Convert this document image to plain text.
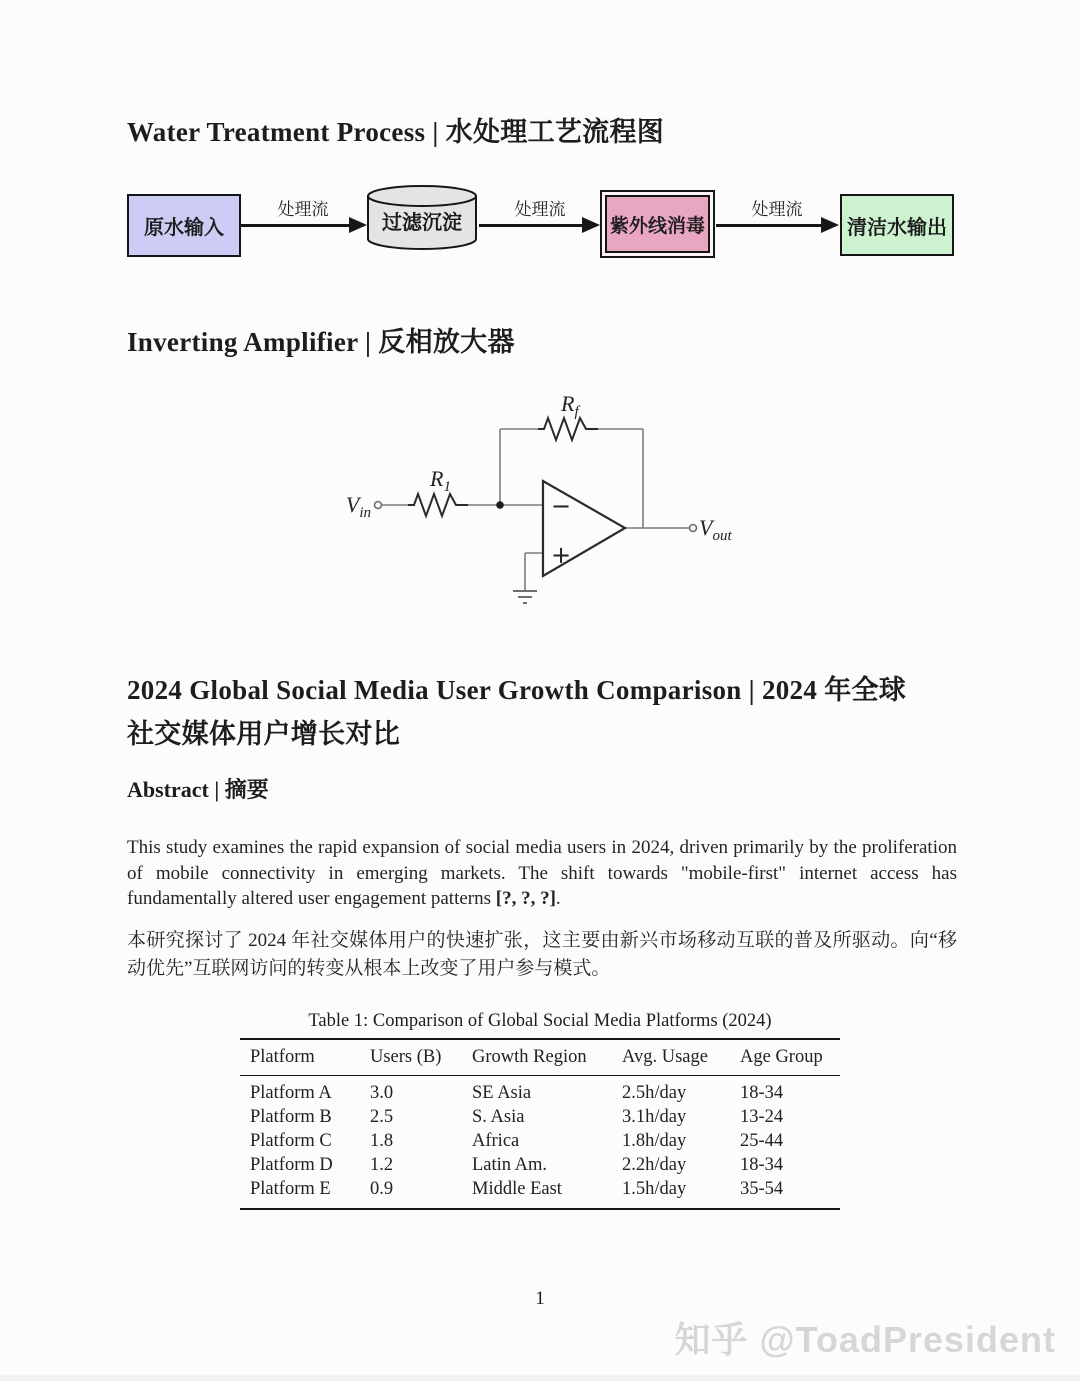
Water Treatment Process | 水处理工艺流程图
原水输入
处理流
过滤沉淀
处理流
紫外线消毒
处理流
清洁水输出
Inverting Amplifier | 反相放大器
$V_{in}$
$V_{out}$
$R_1$
$R_f$
−
+
2024 Global Social Media User Growth Comparison | 2024 年全球
社交媒体用户增长对比
Abstract | 摘要

This study examines the rapid expansion of social media users in 2024, driven primarily by the proliferation of mobile connectivity in emerging markets. The shift towards "mobile-first" internet access has fundamentally altered user engagement patterns [?, ?, ?].

本研究探讨了 2024 年社交媒体用户的快速扩张，这主要由新兴市场移动互联的普及所驱动。向“移动优先”互联网访问的转变从根本上改变了用户参与模式。

Table 1: Comparison of Global Social Media Platforms (2024)
Platform	Users (B)	Growth Region	Avg. Usage	Age Group
Platform A	3.0	SE Asia	2.5h/day	18-34
Platform B	2.5	S. Asia	3.1h/day	13-24
Platform C	1.8	Africa	1.8h/day	25-44
Platform D	1.2	Latin Am.	2.2h/day	18-34
Platform E	0.9	Middle East	1.5h/day	35-54
1
知乎 @ToadPresident
